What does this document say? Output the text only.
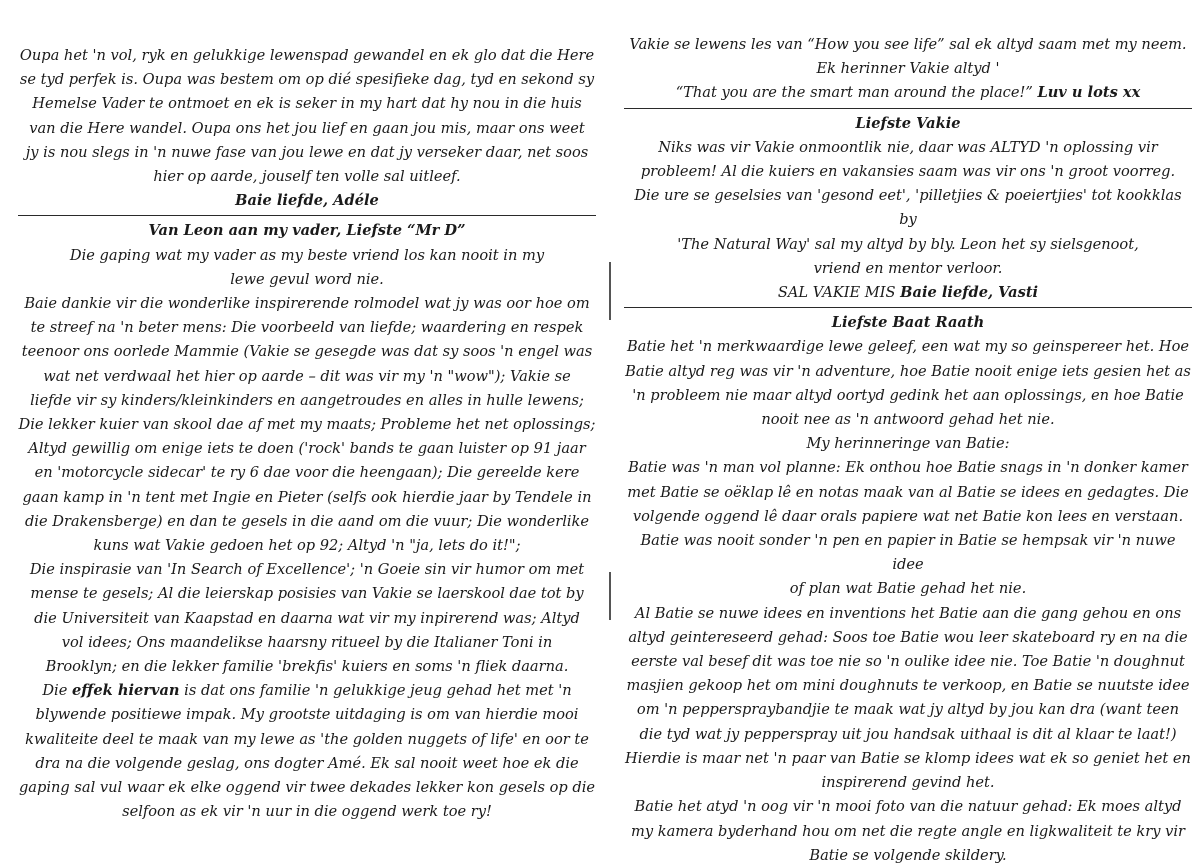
Oupa het 'n vol, ryk en gelukkige lewenspad gewandel en ek glo dat die Here

se tyd perfek is. Oupa was bestem om op dié spesifieke dag, tyd en sekond sy

Hemelse Vader te ontmoet en ek is seker in my hart dat hy nou in die huis

van die Here wandel. Oupa ons het jou lief en gaan jou mis, maar ons weet

jy is nou slegs in 'n nuwe fase van jou lewe en dat jy verseker daar, net soos

hier op aarde, jouself ten volle sal uitleef.

Baie liefde, Adéle

Van Leon aan my vader, Liefste “Mr D”

Die gaping wat my vader as my beste vriend los kan nooit in my

lewe gevul word nie.

Baie dankie vir die wonderlike inspirerende rolmodel wat jy was oor hoe om

te streef na 'n beter mens: Die voorbeeld van liefde; waardering en respek

teenoor ons oorlede Mammie (Vakie se gesegde was dat sy soos 'n engel was

wat net verdwaal het hier op aarde – dit was vir my 'n "wow"); Vakie se

liefde vir sy kinders/kleinkinders en aangetroudes en alles in hulle lewens;

Die lekker kuier van skool dae af met my maats; Probleme het net oplossings;

Altyd gewillig om enige iets te doen ('rock' bands te gaan luister op 91 jaar

en 'motorcycle sidecar' te ry 6 dae voor die heengaan); Die gereelde kere

gaan kamp in 'n tent met Ingie en Pieter (selfs ook hierdie jaar by Tendele in

die Drakensberge) en dan te gesels in die aand om die vuur; Die wonderlike

kuns wat Vakie gedoen het op 92; Altyd 'n "ja, lets do it!";

Die inspirasie van 'In Search of Excellence'; 'n Goeie sin vir humor om met

mense te gesels; Al die leierskap posisies van Vakie se laerskool dae tot by

die Universiteit van Kaapstad en daarna wat vir my inpirerend was; Altyd

vol idees; Ons maandelikse haarsny ritueel by die Italianer Toni in

Brooklyn; en die lekker familie 'brekfis' kuiers en soms 'n fliek daarna.

Die effek hiervan is dat ons familie 'n gelukkige jeug gehad het met 'n

blywende positiewe impak. My grootste uitdaging is om van hierdie mooi

kwaliteite deel te maak van my lewe as 'the golden nuggets of life' en oor te

dra na die volgende geslag, ons dogter Amé. Ek sal nooit weet hoe ek die

gaping sal vul waar ek elke oggend vir twee dekades lekker kon gesels op die

selfoon as ek vir 'n uur in die oggend werk toe ry!

Vakie se lewens les van “How you see life” sal ek altyd saam met my neem.

Ek herinner Vakie altyd '

“That you are the smart man around the place!” Luv u lots xx

Liefste Vakie

Niks was vir Vakie onmoontlik nie, daar was ALTYD 'n oplossing vir

probleem! Al die kuiers en vakansies saam was vir ons 'n groot voorreg.

Die ure se geselsies van 'gesond eet', 'pilletjies & poeiertjies' tot kookklas by

'The Natural Way' sal my altyd by bly. Leon het sy sielsgenoot,

vriend en mentor verloor.

SAL VAKIE MIS Baie liefde, Vasti

Liefste Baat Raath

Batie het 'n merkwaardige lewe geleef, een wat my so geinspereer het. Hoe

Batie altyd reg was vir 'n adventure, hoe Batie nooit enige iets gesien het as

'n probleem nie maar altyd oortyd gedink het aan oplossings, en hoe Batie

nooit nee as 'n antwoord gehad het nie.

My herinneringe van Batie:

Batie was 'n man vol planne: Ek onthou hoe Batie snags in 'n donker kamer

met Batie se oëklap lê en notas maak van al Batie se idees en gedagtes. Die

volgende oggend lê daar orals papiere wat net Batie kon lees en verstaan.

Batie was nooit sonder 'n pen en papier in Batie se hempsak vir 'n nuwe idee

of plan wat Batie gehad het nie.

Al Batie se nuwe idees en inventions het Batie aan die gang gehou en ons

altyd geintereseerd gehad: Soos toe Batie wou leer skateboard ry en na die

eerste val besef dit was toe nie so 'n oulike idee nie. Toe Batie 'n doughnut

masjien gekoop het om mini doughnuts te verkoop, en Batie se nuutste idee

om 'n pepperspraybandjie te maak wat jy altyd by jou kan dra (want teen

die tyd wat jy pepperspray uit jou handsak uithaal is dit al klaar te laat!)

Hierdie is maar net 'n paar van Batie se klomp idees wat ek so geniet het en

inspirerend gevind het.

Batie het atyd 'n oog vir 'n mooi foto van die natuur gehad: Ek moes altyd

my kamera byderhand hou om net die regte angle en ligkwaliteit te kry vir

Batie se volgende skildery.
